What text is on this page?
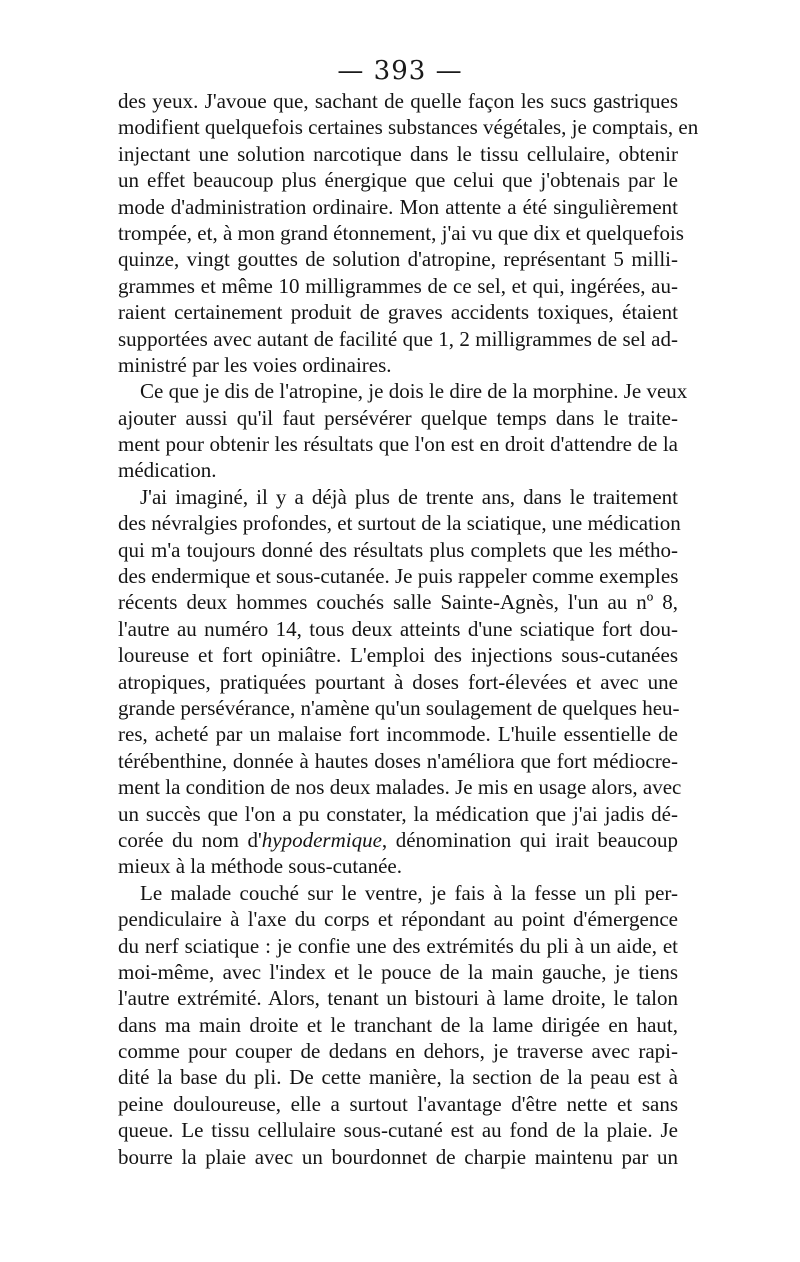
— 393 —
des yeux. J'avoue que, sachant de quelle façon les sucs gastriques
modifient quelquefois certaines substances végétales, je comptais, en
injectant une solution narcotique dans le tissu cellulaire, obtenir
un effet beaucoup plus énergique que celui que j'obtenais par le
mode d'administration ordinaire. Mon attente a été singulièrement
trompée, et, à mon grand étonnement, j'ai vu que dix et quelquefois
quinze, vingt gouttes de solution d'atropine, représentant 5 milli-
grammes et même 10 milligrammes de ce sel, et qui, ingérées, au-
raient certainement produit de graves accidents toxiques, étaient
supportées avec autant de facilité que 1, 2 milligrammes de sel ad-
ministré par les voies ordinaires.
Ce que je dis de l'atropine, je dois le dire de la morphine. Je veux
ajouter aussi qu'il faut persévérer quelque temps dans le traite-
ment pour obtenir les résultats que l'on est en droit d'attendre de la
médication.
J'ai imaginé, il y a déjà plus de trente ans, dans le traitement
des névralgies profondes, et surtout de la sciatique, une médication
qui m'a toujours donné des résultats plus complets que les métho-
des endermique et sous-cutanée. Je puis rappeler comme exemples
récents deux hommes couchés salle Sainte-Agnès, l'un au nº 8,
l'autre au numéro 14, tous deux atteints d'une sciatique fort dou-
loureuse et fort opiniâtre. L'emploi des injections sous-cutanées
atropiques, pratiquées pourtant à doses fort-élevées et avec une
grande persévérance, n'amène qu'un soulagement de quelques heu-
res, acheté par un malaise fort incommode. L'huile essentielle de
térébenthine, donnée à hautes doses n'améliora que fort médiocre-
ment la condition de nos deux malades. Je mis en usage alors, avec
un succès que l'on a pu constater, la médication que j'ai jadis dé-
corée du nom d'hypodermique, dénomination qui irait beaucoup
mieux à la méthode sous-cutanée.
Le malade couché sur le ventre, je fais à la fesse un pli per-
pendiculaire à l'axe du corps et répondant au point d'émergence
du nerf sciatique : je confie une des extrémités du pli à un aide, et
moi-même, avec l'index et le pouce de la main gauche, je tiens
l'autre extrémité. Alors, tenant un bistouri à lame droite, le talon
dans ma main droite et le tranchant de la lame dirigée en haut,
comme pour couper de dedans en dehors, je traverse avec rapi-
dité la base du pli. De cette manière, la section de la peau est à
peine douloureuse, elle a surtout l'avantage d'être nette et sans
queue. Le tissu cellulaire sous-cutané est au fond de la plaie. Je
bourre la plaie avec un bourdonnet de charpie maintenu par un
